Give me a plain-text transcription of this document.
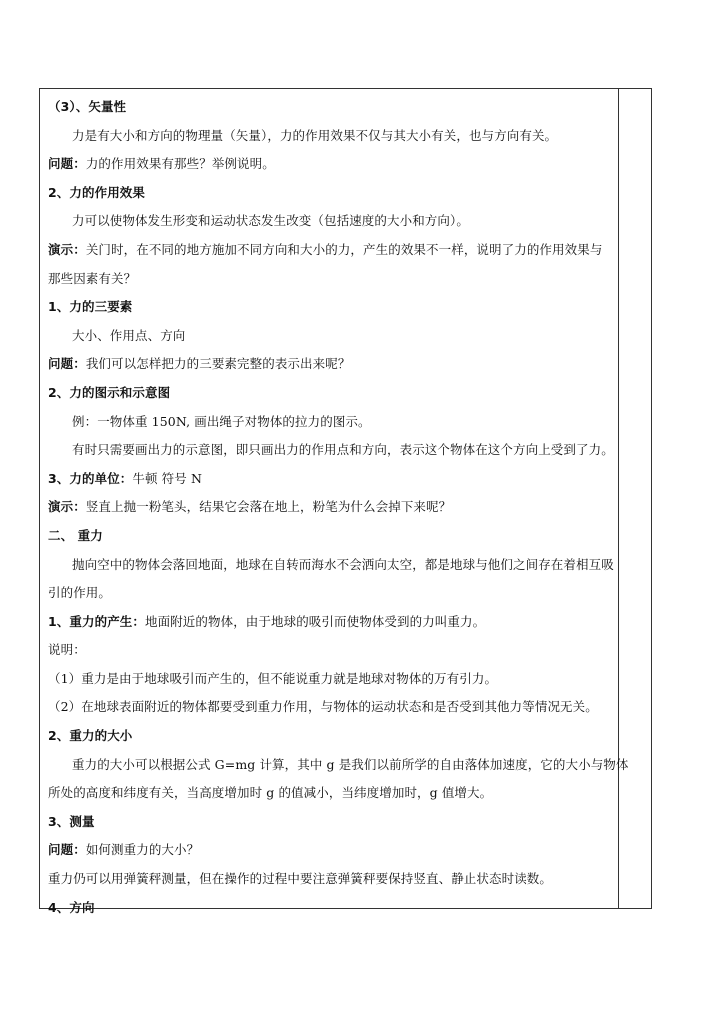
（3）、矢量性
力是有大小和方向的物理量（矢量），力的作用效果不仅与其大小有关，也与方向有关。
问题：力的作用效果有那些？举例说明。
2、力的作用效果
力可以使物体发生形变和运动状态发生改变（包括速度的大小和方向）。
演示：关门时，在不同的地方施加不同方向和大小的力，产生的效果不一样，说明了力的作用效果与
那些因素有关？
1、力的三要素
大小、作用点、方向
问题：我们可以怎样把力的三要素完整的表示出来呢？
2、力的图示和示意图
例：一物体重 150N, 画出绳子对物体的拉力的图示。
有时只需要画出力的示意图，即只画出力的作用点和方向，表示这个物体在这个方向上受到了力。
3、力的单位：牛顿 符号 N
演示：竖直上抛一粉笔头，结果它会落在地上，粉笔为什么会掉下来呢？
二、 重力
抛向空中的物体会落回地面，地球在自转而海水不会洒向太空，都是地球与他们之间存在着相互吸
引的作用。
1、重力的产生：地面附近的物体，由于地球的吸引而使物体受到的力叫重力。
说明：
（1）重力是由于地球吸引而产生的，但不能说重力就是地球对物体的万有引力。
（2）在地球表面附近的物体都要受到重力作用，与物体的运动状态和是否受到其他力等情况无关。
2、重力的大小
重力的大小可以根据公式 G=mg 计算，其中 g 是我们以前所学的自由落体加速度，它的大小与物体
所处的高度和纬度有关，当高度增加时 g 的值减小，当纬度增加时，g 值增大。
3、测量
问题：如何测重力的大小？
重力仍可以用弹簧秤测量，但在操作的过程中要注意弹簧秤要保持竖直、静止状态时读数。
4、方向
